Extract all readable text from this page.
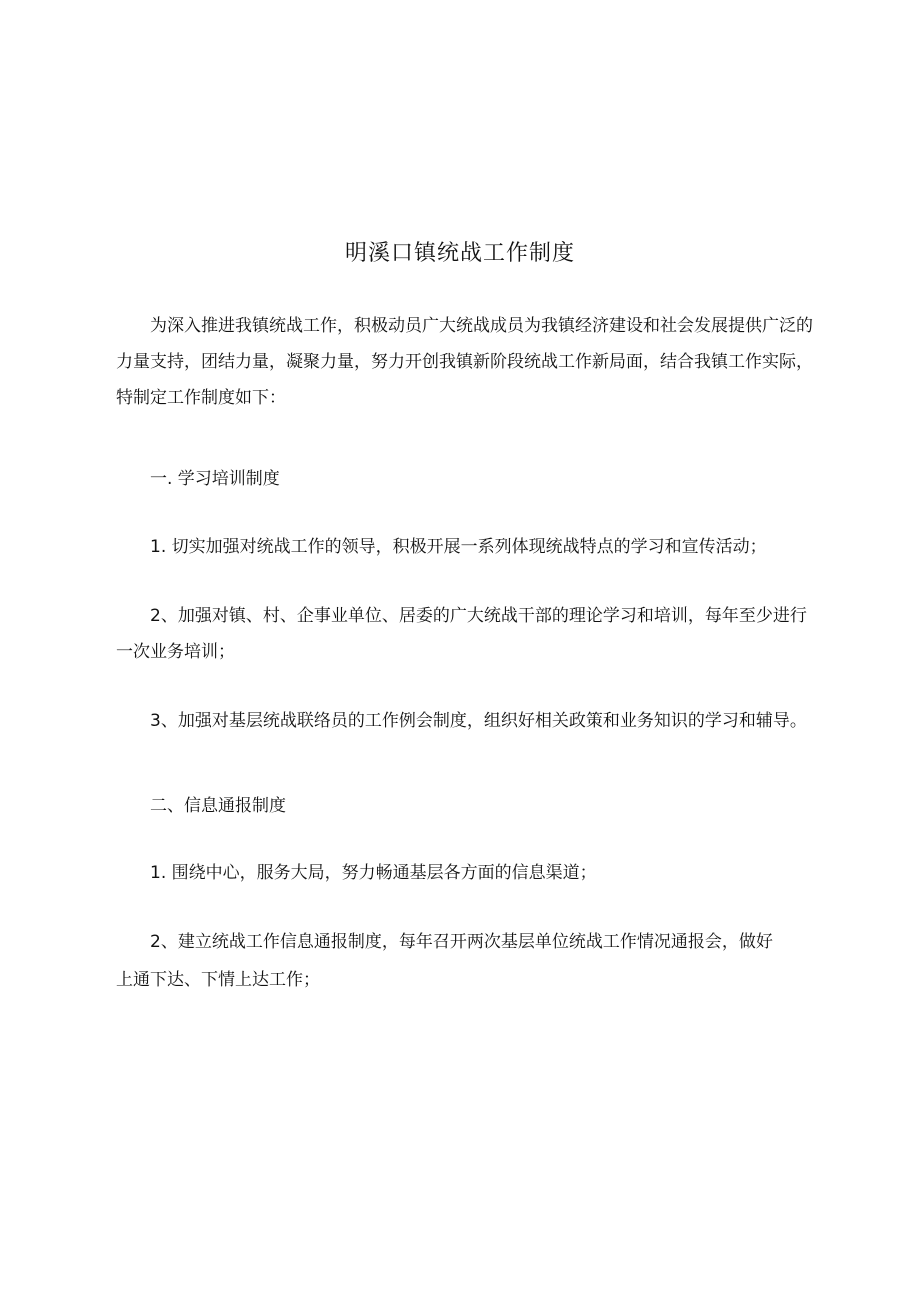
明溪口镇统战工作制度
为深入推进我镇统战工作，积极动员广大统战成员为我镇经济建设和社会发展提供广泛的
力量支持，团结力量，凝聚力量，努力开创我镇新阶段统战工作新局面，结合我镇工作实际，
特制定工作制度如下：
一. 学习培训制度
1. 切实加强对统战工作的领导，积极开展一系列体现统战特点的学习和宣传活动；
2、加强对镇、村、企事业单位、居委的广大统战干部的理论学习和培训，每年至少进行
一次业务培训；
3、加强对基层统战联络员的工作例会制度，组织好相关政策和业务知识的学习和辅导。
二、信息通报制度
1. 围绕中心，服务大局，努力畅通基层各方面的信息渠道；
2、建立统战工作信息通报制度，每年召开两次基层单位统战工作情况通报会，做好
上通下达、下情上达工作；
